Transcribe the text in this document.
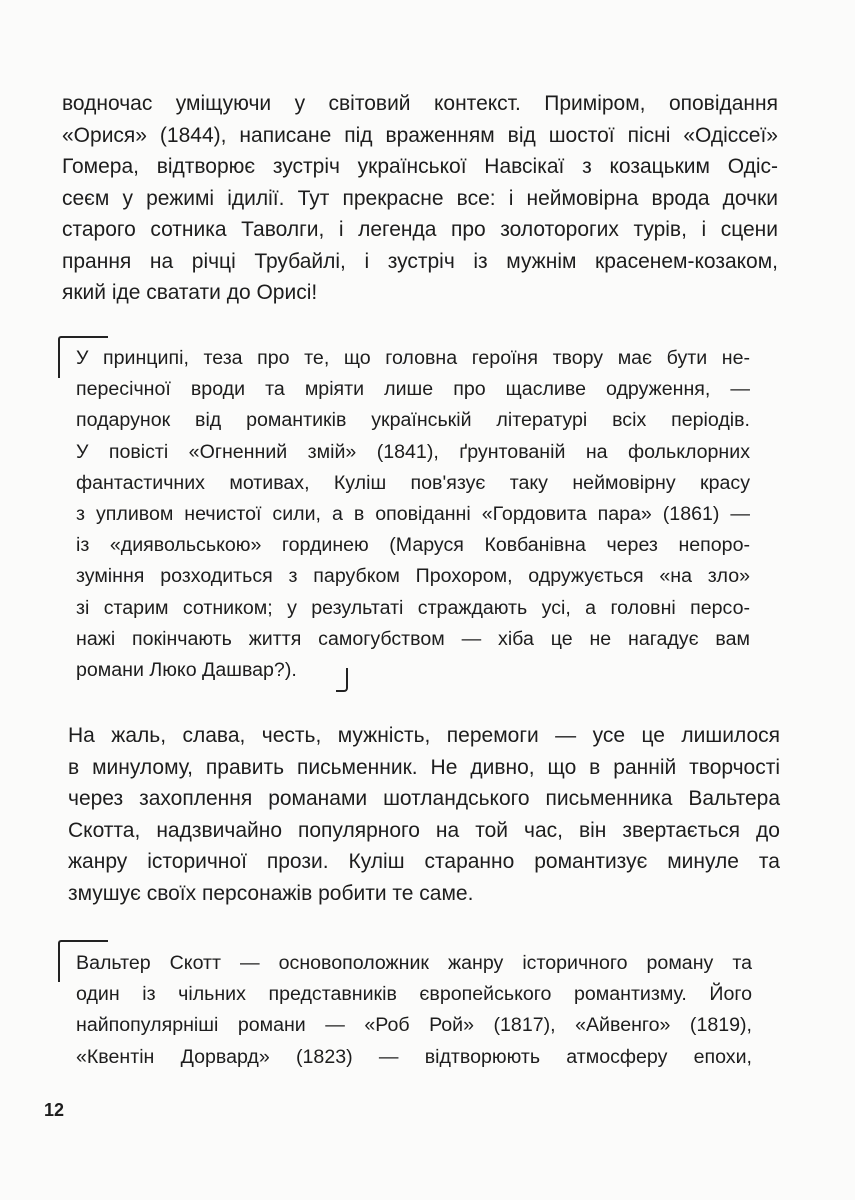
водночас уміщуючи у світовий контекст. Приміром, оповідання
«Орися» (1844), написане під враженням від шостої пісні «Одіссеї»
Гомера, відтворює зустріч української Навсікаї з козацьким Одіс-
сеєм у режимі ідилії. Тут прекрасне все: і неймовірна врода дочки
старого сотника Таволги, і легенда про золоторогих турів, і сцени
прання на річці Трубайлі, і зустріч із мужнім красенем-козаком,
який іде сватати до Орисі!
У принципі, теза про те, що головна героїня твору має бути не-
пересічної вроди та мріяти лише про щасливе одруження, —
подарунок від романтиків українській літературі всіх періодів.
У повісті «Огненний змій» (1841), ґрунтованій на фольклорних
фантастичних мотивах, Куліш пов'язує таку неймовірну красу
з упливом нечистої сили, а в оповіданні «Гордовита пара» (1861) —
із «диявольською» гординею (Маруся Ковбанівна через непоро-
зуміння розходиться з парубком Прохором, одружується «на зло»
зі старим сотником; у результаті страждають усі, а головні персо-
нажі покінчають життя самогубством — хіба це не нагадує вам
романи Люко Дашвар?).
На жаль, слава, честь, мужність, перемоги — усе це лишилося
в минулому, править письменник. Не дивно, що в ранній творчості
через захоплення романами шотландського письменника Вальтера
Скотта, надзвичайно популярного на той час, він звертається до
жанру історичної прози. Куліш старанно романтизує минуле та
змушує своїх персонажів робити те саме.
Вальтер Скотт — основоположник жанру історичного роману та
один із чільних представників європейського романтизму. Його
найпопулярніші романи — «Роб Рой» (1817), «Айвенго» (1819),
«Квентін Дорвард» (1823) — відтворюють атмосферу епохи,
12
